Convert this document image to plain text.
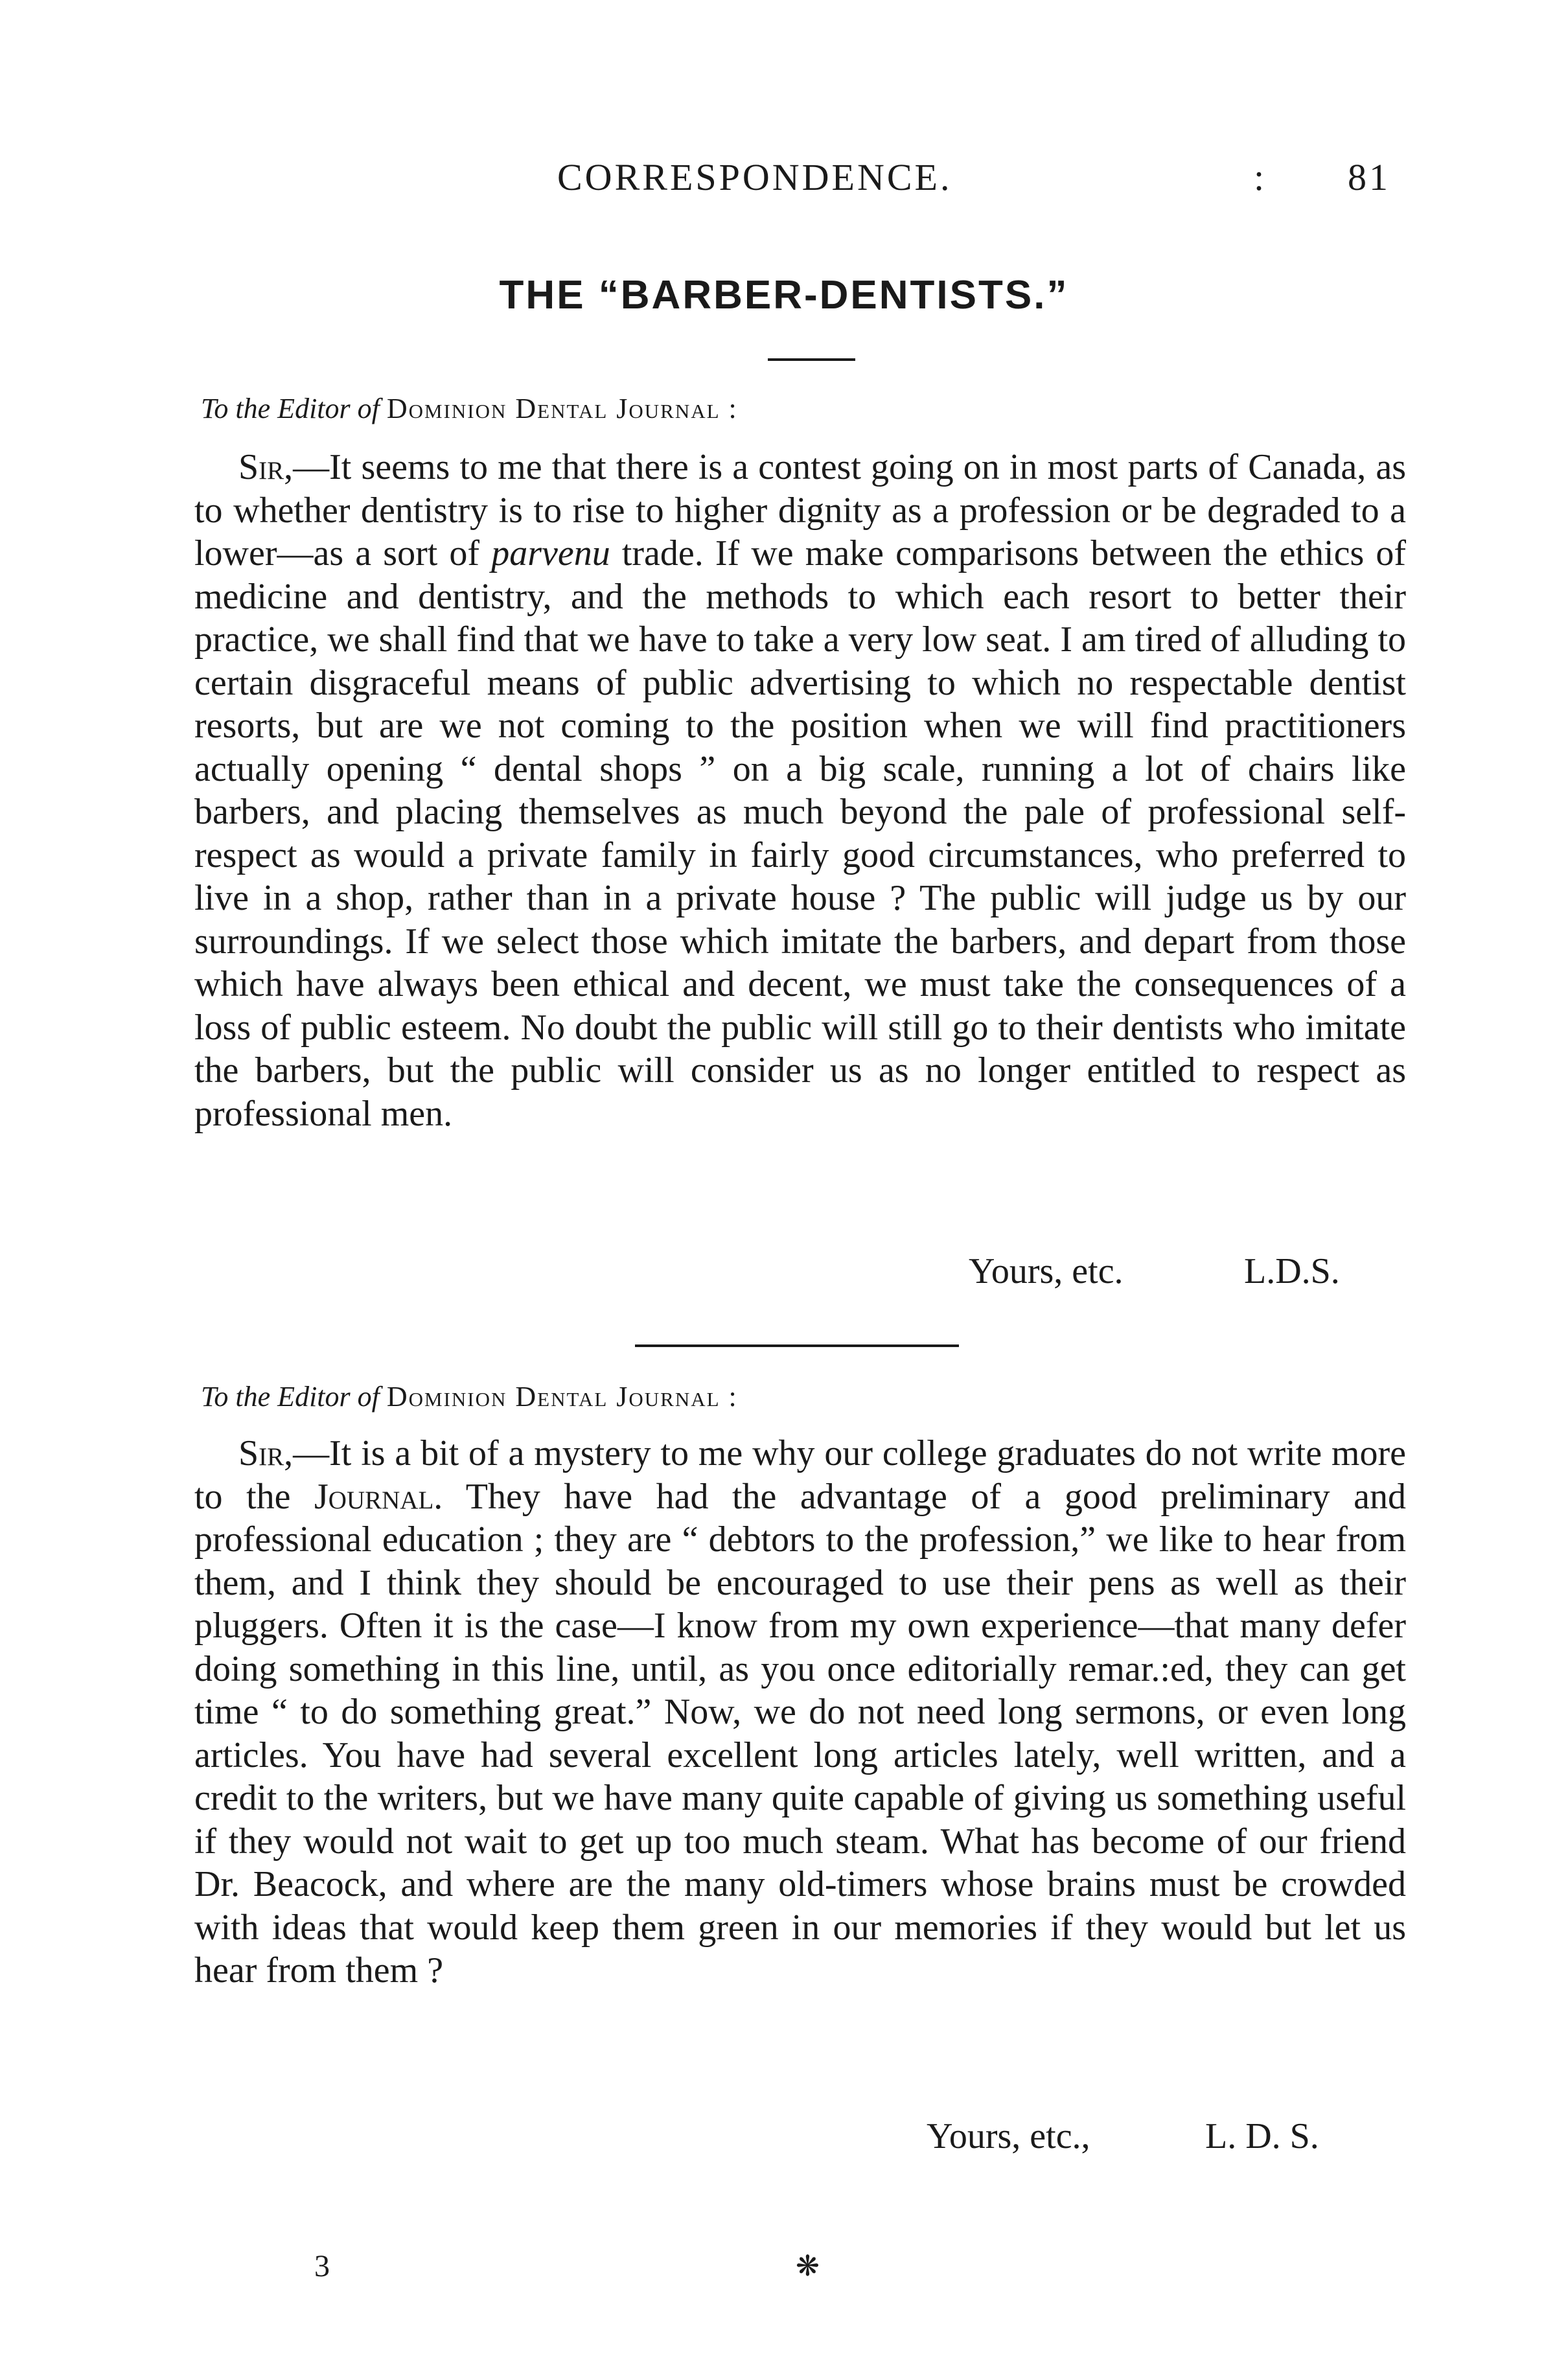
CORRESPONDENCE.	: 81
THE “BARBER-DENTISTS.”
To the Editor of Dominion Dental Journal :

Sir,—It seems to me that there is a contest going on in most parts of Canada, as to whether dentistry is to rise to higher dignity as a profession or be degraded to a lower—as a sort of parvenu trade. If we make comparisons between the ethics of medicine and dentistry, and the methods to which each resort to better their practice, we shall find that we have to take a very low seat. I am tired of alluding to certain disgraceful means of public advertising to which no respectable dentist resorts, but are we not coming to the position when we will find practitioners actually opening “ dental shops ” on a big scale, running a lot of chairs like barbers, and placing themselves as much beyond the pale of professional self-respect as would a private family in fairly good circumstances, who preferred to live in a shop, rather than in a private house ? The public will judge us by our surroundings. If we select those which imitate the barbers, and depart from those which have always been ethical and decent, we must take the consequences of a loss of public esteem. No doubt the public will still go to their dentists who imitate the barbers, but the public will consider us as no longer entitled to respect as professional men.

Yours, etc.	L.D.S.
To the Editor of Dominion Dental Journal :

Sir,—It is a bit of a mystery to me why our college graduates do not write more to the Journal. They have had the advantage of a good preliminary and professional education ; they are “ debtors to the profession,” we like to hear from them, and I think they should be encouraged to use their pens as well as their pluggers. Often it is the case—I know from my own experience—that many defer doing something in this line, until, as you once editorially remar.:ed, they can get time “ to do something great.” Now, we do not need long sermons, or even long articles. You have had several excellent long articles lately, well written, and a credit to the writers, but we have many quite capable of giving us something useful if they would not wait to get up too much steam. What has become of our friend Dr. Beacock, and where are the many old-timers whose brains must be crowded with ideas that would keep them green in our memories if they would but let us hear from them ?

Yours, etc.,	L. D. S.
3	❋
